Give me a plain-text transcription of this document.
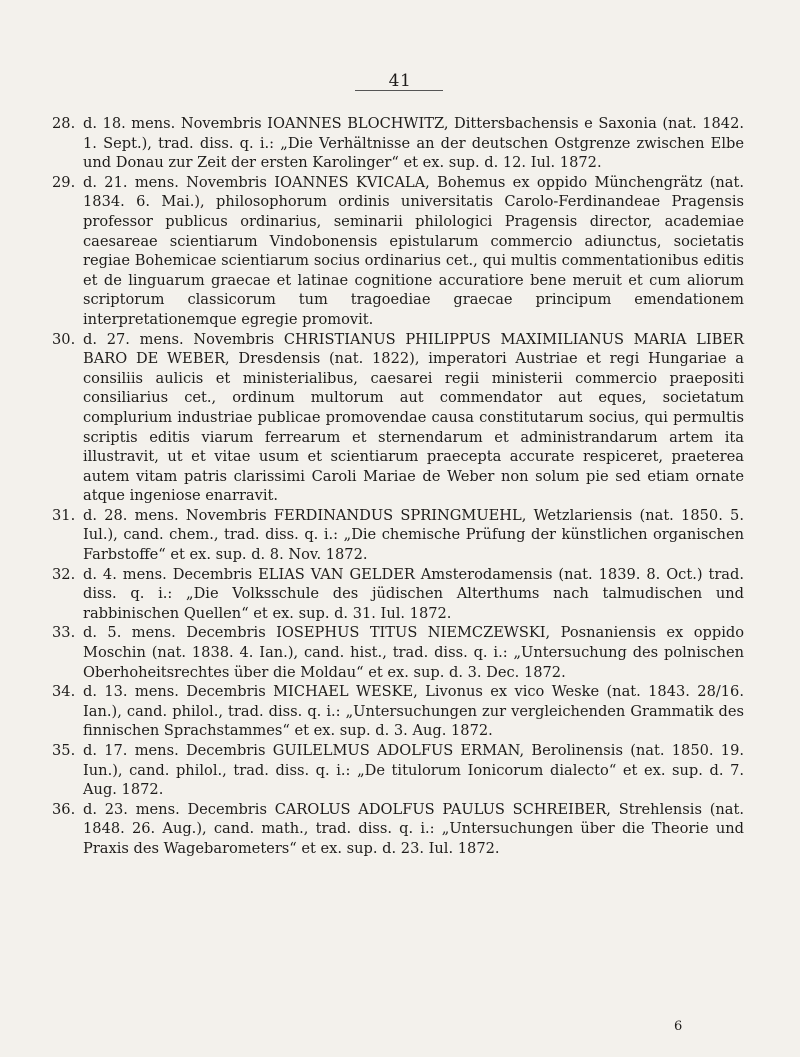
41
28. d. 18. mens. Novembris IOANNES BLOCHWITZ, Dittersbachensis e Saxonia (nat. 1842. 1. Sept.), trad. diss. q. i.: „Die Verhältnisse an der deutschen Ostgrenze zwischen Elbe und Donau zur Zeit der ersten Karolinger“ et ex. sup. d. 12. Iul. 1872.
29. d. 21. mens. Novembris IOANNES KVICALA, Bohemus ex oppido Münchengrätz (nat. 1834. 6. Mai.), philosophorum ordinis universitatis Carolo-Ferdinandeae Pragensis professor publicus ordinarius, seminarii philologici Pragensis director, academiae caesareae scientiarum Vindobonensis epistularum commercio adiunctus, societatis regiae Bohemicae scientiarum socius ordinarius cet., qui multis commentationibus editis et de linguarum graecae et latinae cognitione accuratiore bene meruit et cum aliorum scriptorum classicorum tum tragoediae graecae principum emendationem interpretationemque egregie promovit.
30. d. 27. mens. Novembris CHRISTIANUS PHILIPPUS MAXIMILIANUS MARIA LIBER BARO DE WEBER, Dresdensis (nat. 1822), imperatori Austriae et regi Hungariae a consiliis aulicis et ministerialibus, caesarei regii ministerii commercio praepositi consiliarius cet., ordinum multorum aut commendator aut eques, societatum complurium industriae publicae promovendae causa constitutarum socius, qui permultis scriptis editis viarum ferrearum et sternendarum et administrandarum artem ita illustravit, ut et vitae usum et scientiarum praecepta accurate respiceret, praeterea autem vitam patris clarissimi Caroli Mariae de Weber non solum pie sed etiam ornate atque ingeniose enarravit.
31. d. 28. mens. Novembris FERDINANDUS SPRINGMUEHL, Wetzlariensis (nat. 1850. 5. Iul.), cand. chem., trad. diss. q. i.: „Die chemische Prüfung der künstlichen organischen Farbstoffe“ et ex. sup. d. 8. Nov. 1872.
32. d. 4. mens. Decembris ELIAS VAN GELDER Amsterodamensis (nat. 1839. 8. Oct.) trad. diss. q. i.: „Die Volksschule des jüdischen Alterthums nach talmudischen und rabbinischen Quellen“ et ex. sup. d. 31. Iul. 1872.
33. d. 5. mens. Decembris IOSEPHUS TITUS NIEMCZEWSKI, Posnaniensis ex oppido Moschin (nat. 1838. 4. Ian.), cand. hist., trad. diss. q. i.: „Untersuchung des polnischen Oberhoheitsrechtes über die Moldau“ et ex. sup. d. 3. Dec. 1872.
34. d. 13. mens. Decembris MICHAEL WESKE, Livonus ex vico Weske (nat. 1843. 28/16. Ian.), cand. philol., trad. diss. q. i.: „Untersuchungen zur vergleichenden Grammatik des finnischen Sprachstammes“ et ex. sup. d. 3. Aug. 1872.
35. d. 17. mens. Decembris GUILELMUS ADOLFUS ERMAN, Berolinensis (nat. 1850. 19. Iun.), cand. philol., trad. diss. q. i.: „De titulorum Ionicorum dialecto“ et ex. sup. d. 7. Aug. 1872.
36. d. 23. mens. Decembris CAROLUS ADOLFUS PAULUS SCHREIBER, Strehlensis (nat. 1848. 26. Aug.), cand. math., trad. diss. q. i.: „Untersuchungen über die Theorie und Praxis des Wagebarometers“ et ex. sup. d. 23. Iul. 1872.
6
